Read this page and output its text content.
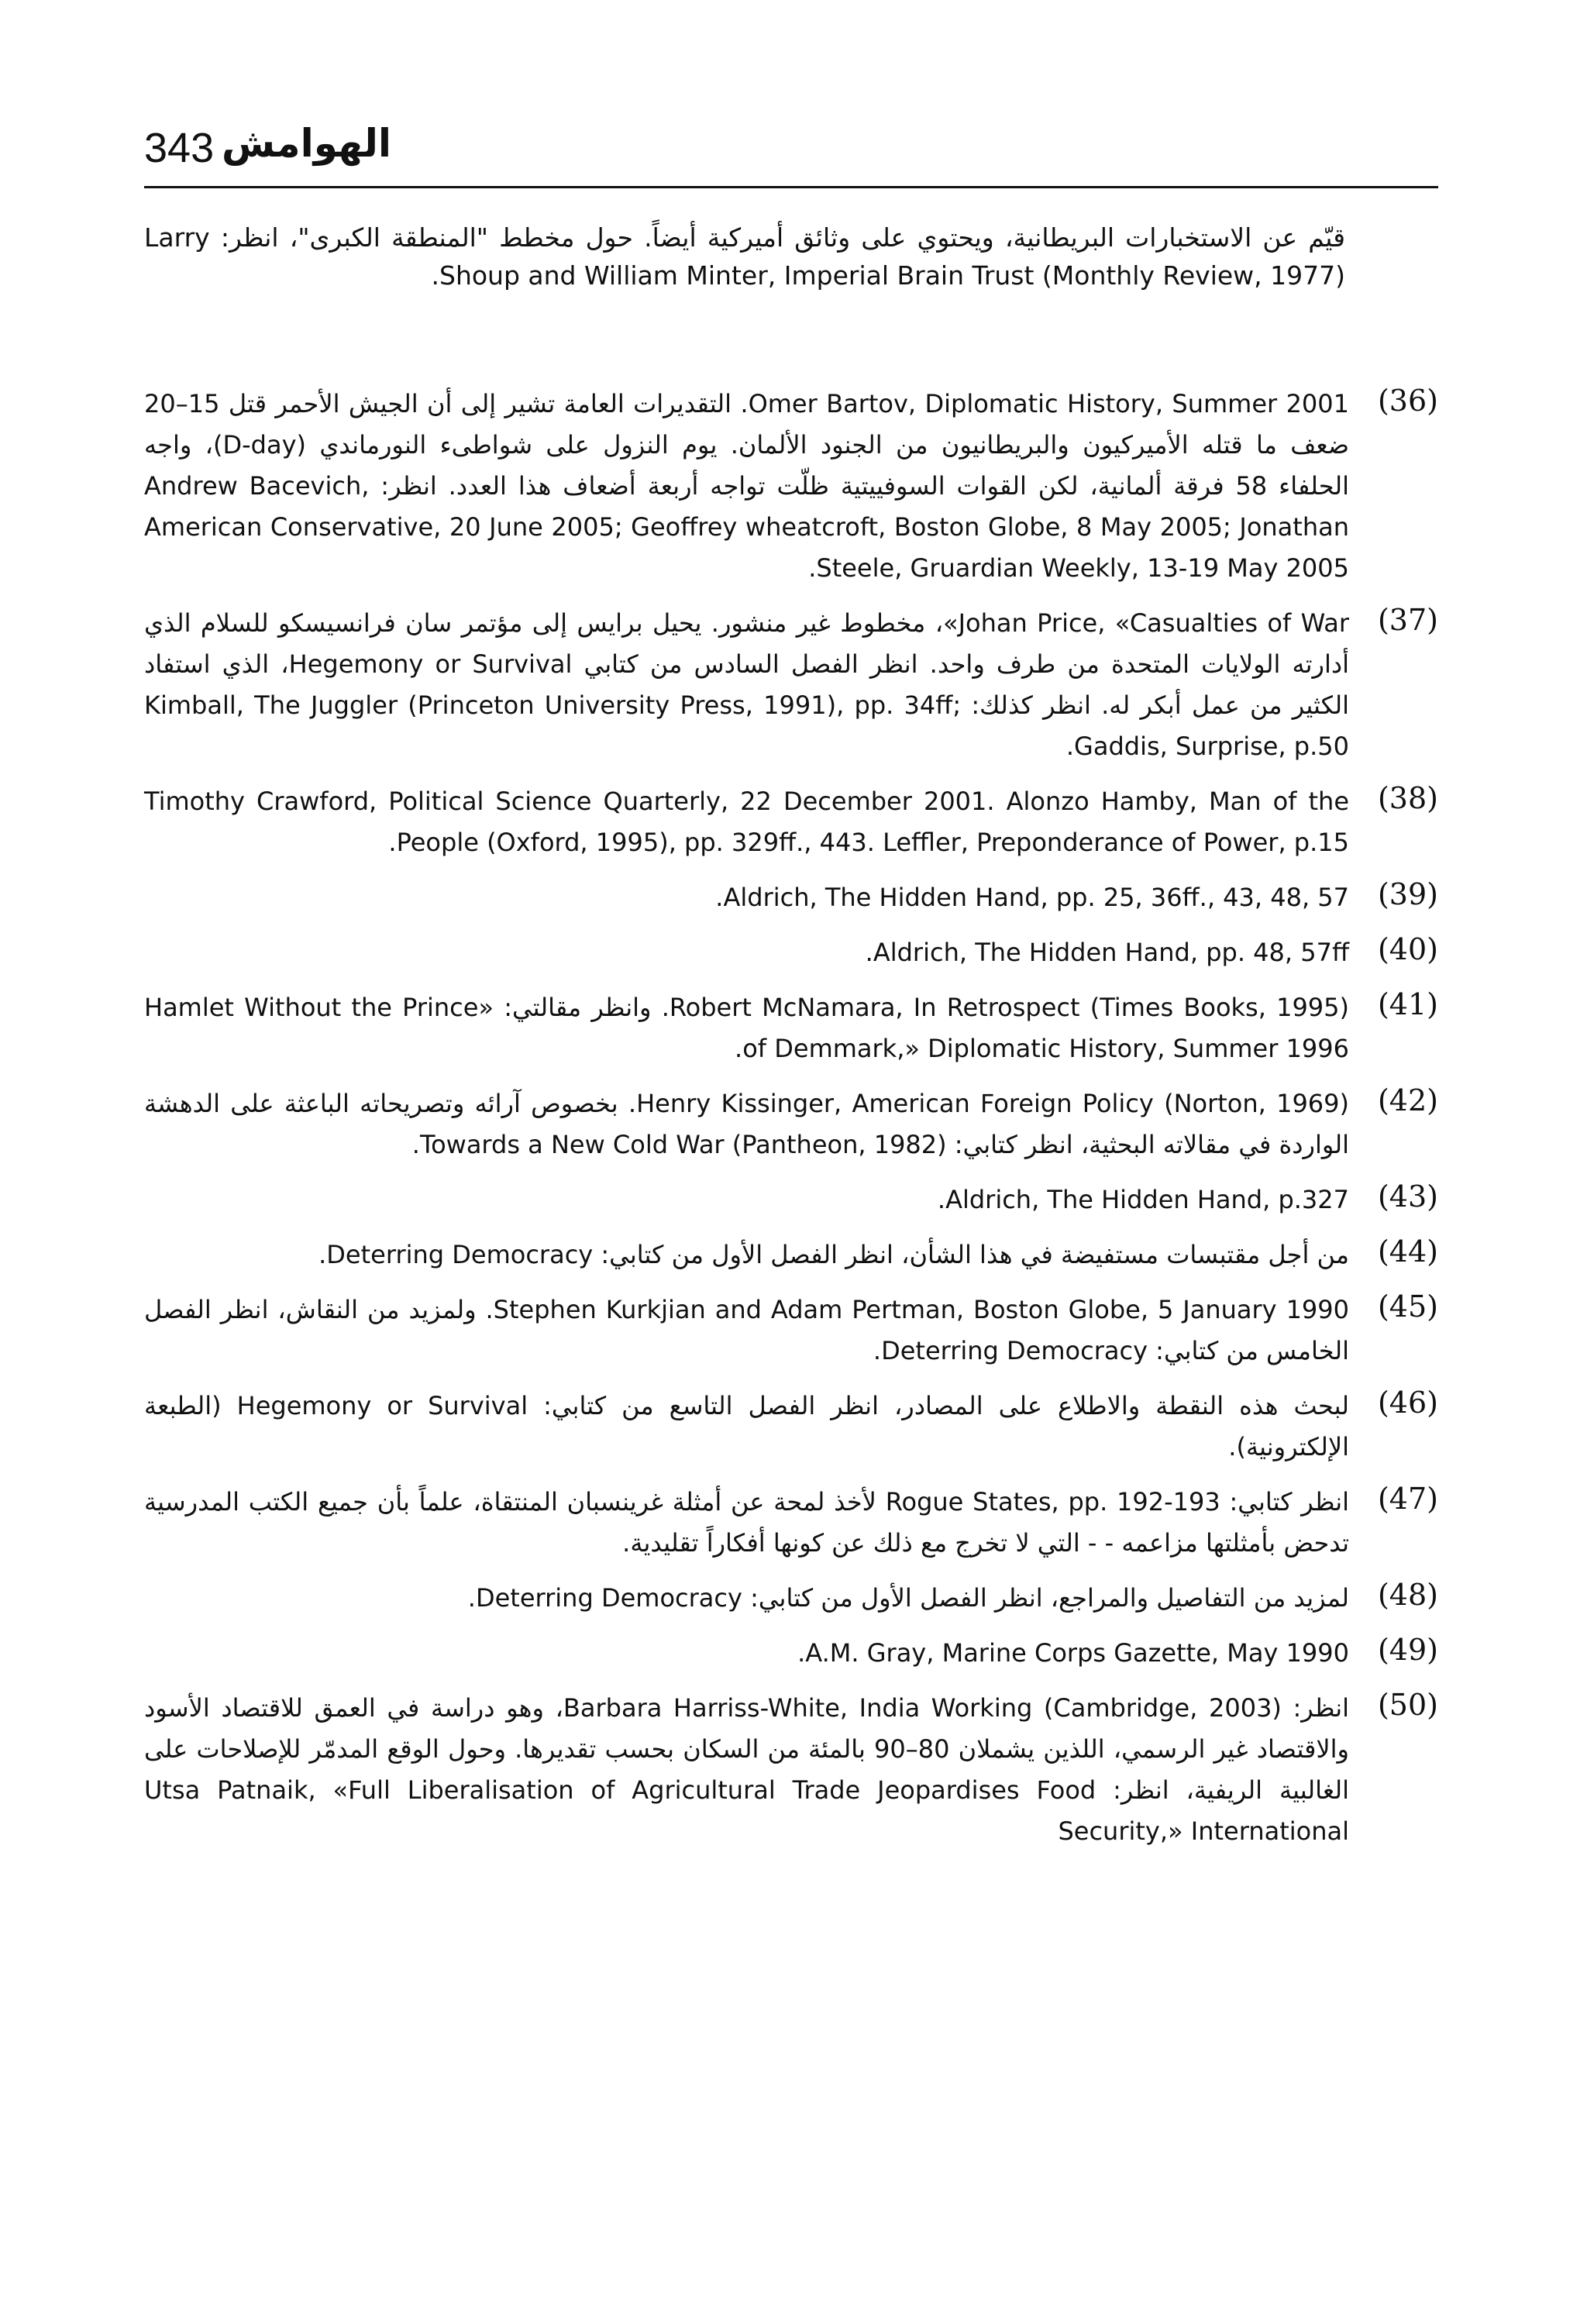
343 الهوامش
قيّم عن الاستخبارات البريطانية، ويحتوي على وثائق أميركية أيضاً. حول مخطط "المنطقة الكبرى"، انظر: Larry Shoup and William Minter, Imperial Brain Trust (Monthly Review, 1977).
(36)
Omer Bartov, Diplomatic History, Summer 2001. التقديرات العامة تشير إلى أن الجيش الأحمر قتل 15–20 ضعف ما قتله الأميركيون والبريطانيون من الجنود الألمان. يوم النزول على شواطىء النورماندي (D-day)، واجه الحلفاء 58 فرقة ألمانية، لكن القوات السوفييتية ظلّت تواجه أربعة أضعاف هذا العدد. انظر: Andrew Bacevich, American Conservative, 20 June 2005; Geoffrey wheatcroft, Boston Globe, 8 May 2005; Jonathan Steele, Gruardian Weekly, 13-19 May 2005.
(37)
Johan Price, «Casualties of War»، مخطوط غير منشور. يحيل برايس إلى مؤتمر سان فرانسيسكو للسلام الذي أدارته الولايات المتحدة من طرف واحد. انظر الفصل السادس من كتابي Hegemony or Survival، الذي استفاد الكثير من عمل أبكر له. انظر كذلك: Kimball, The Juggler (Princeton University Press, 1991), pp. 34ff; Gaddis, Surprise, p.50.
(38)
Timothy Crawford, Political Science Quarterly, 22 December 2001. Alonzo Hamby, Man of the People (Oxford, 1995), pp. 329ff., 443. Leffler, Preponderance of Power, p.15.
(39)
Aldrich, The Hidden Hand, pp. 25, 36ff., 43, 48, 57.
(40)
Aldrich, The Hidden Hand, pp. 48, 57ff.
(41)
Robert McNamara, In Retrospect (Times Books, 1995). وانظر مقالتي: «Hamlet Without the Prince of Demmark,» Diplomatic History, Summer 1996.
(42)
Henry Kissinger, American Foreign Policy (Norton, 1969). بخصوص آرائه وتصريحاته الباعثة على الدهشة الواردة في مقالاته البحثية، انظر كتابي: Towards a New Cold War (Pantheon, 1982).
(43)
Aldrich, The Hidden Hand, p.327.
(44)
من أجل مقتبسات مستفيضة في هذا الشأن، انظر الفصل الأول من كتابي: Deterring Democracy.
(45)
Stephen Kurkjian and Adam Pertman, Boston Globe, 5 January 1990. ولمزيد من النقاش، انظر الفصل الخامس من كتابي: Deterring Democracy.
(46)
لبحث هذه النقطة والاطلاع على المصادر، انظر الفصل التاسع من كتابي: Hegemony or Survival (الطبعة الإلكترونية).
(47)
انظر كتابي: Rogue States, pp. 192-193 لأخذ لمحة عن أمثلة غرينسبان المنتقاة، علماً بأن جميع الكتب المدرسية تدحض بأمثلتها مزاعمه - - التي لا تخرج مع ذلك عن كونها أفكاراً تقليدية.
(48)
لمزيد من التفاصيل والمراجع، انظر الفصل الأول من كتابي: Deterring Democracy.
(49)
A.M. Gray, Marine Corps Gazette, May 1990.
(50)
انظر: Barbara Harriss-White, India Working (Cambridge, 2003)، وهو دراسة في العمق للاقتصاد الأسود والاقتصاد غير الرسمي، اللذين يشملان 80–90 بالمئة من السكان بحسب تقديرها. وحول الوقع المدمّر للإصلاحات على الغالبية الريفية، انظر: Utsa Patnaik, «Full Liberalisation of Agricultural Trade Jeopardises Food Security,» International
